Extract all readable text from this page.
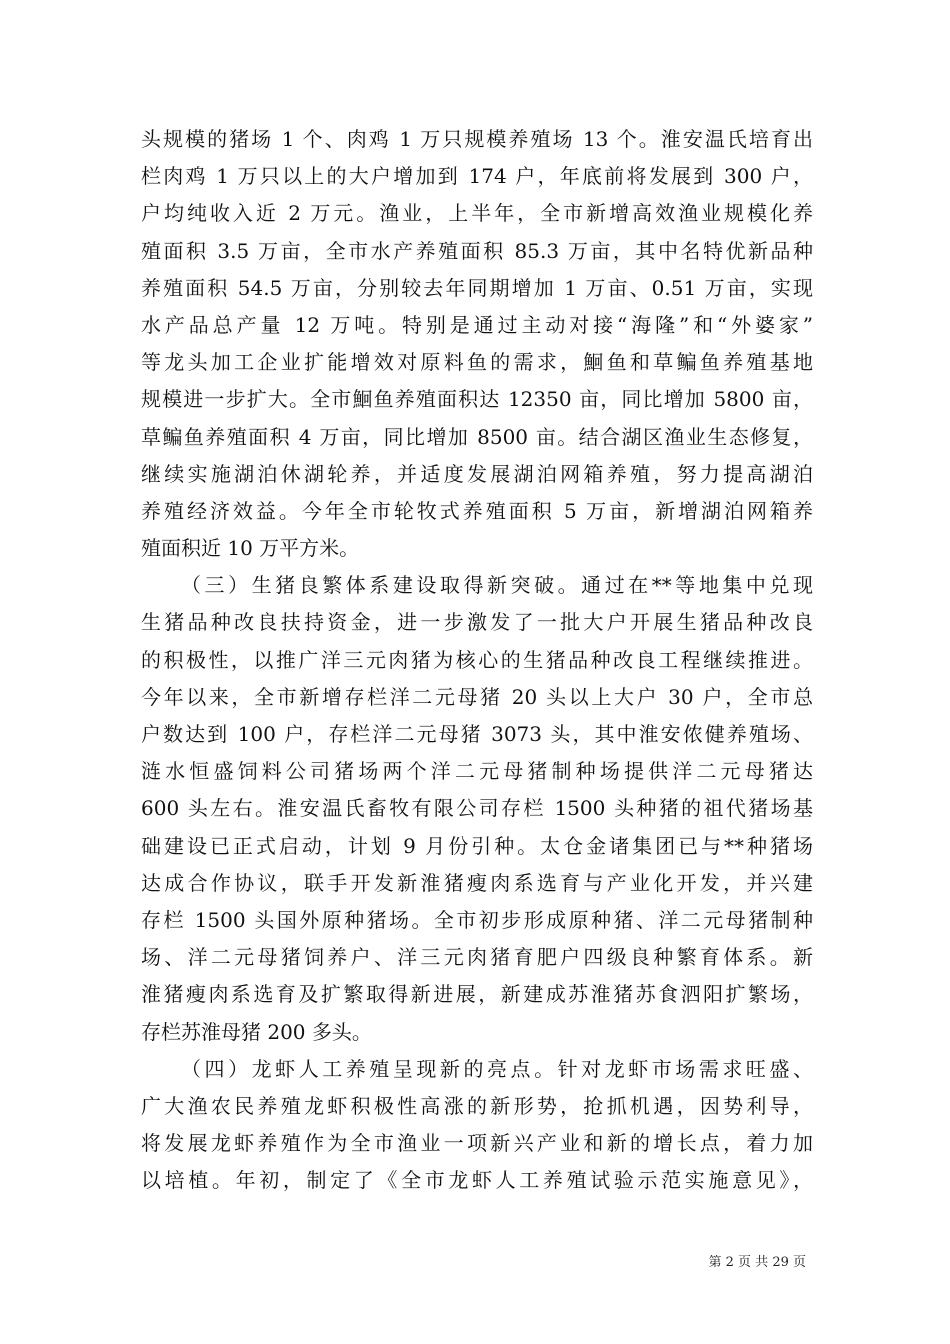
头规模的猪场 1 个、肉鸡 1 万只规模养殖场 13 个。淮安温氏培育出
栏肉鸡 1 万只以上的大户增加到 174 户，年底前将发展到 300 户，
户均纯收入近 2 万元。渔业，上半年，全市新增高效渔业规模化养
殖面积 3.5 万亩，全市水产养殖面积 85.3 万亩，其中名特优新品种
养殖面积 54.5 万亩，分别较去年同期增加 1 万亩、0.51 万亩，实现
水产品总产量 12 万吨。特别是通过主动对接“海隆”和“外婆家”
等龙头加工企业扩能增效对原料鱼的需求，鮰鱼和草鳊鱼养殖基地
规模进一步扩大。全市鮰鱼养殖面积达 12350 亩，同比增加 5800 亩，
草鳊鱼养殖面积 4 万亩，同比增加 8500 亩。结合湖区渔业生态修复，
继续实施湖泊休湖轮养，并适度发展湖泊网箱养殖，努力提高湖泊
养殖经济效益。今年全市轮牧式养殖面积 5 万亩，新增湖泊网箱养
殖面积近 10 万平方米。
（三）生猪良繁体系建设取得新突破。通过在**等地集中兑现
生猪品种改良扶持资金，进一步激发了一批大户开展生猪品种改良
的积极性，以推广洋三元肉猪为核心的生猪品种改良工程继续推进。
今年以来，全市新增存栏洋二元母猪 20 头以上大户 30 户，全市总
户数达到 100 户，存栏洋二元母猪 3073 头，其中淮安侬健养殖场、
涟水恒盛饲料公司猪场两个洋二元母猪制种场提供洋二元母猪达
600 头左右。淮安温氏畜牧有限公司存栏 1500 头种猪的祖代猪场基
础建设已正式启动，计划 9 月份引种。太仓金诸集团已与**种猪场
达成合作协议，联手开发新淮猪瘦肉系选育与产业化开发，并兴建
存栏 1500 头国外原种猪场。全市初步形成原种猪、洋二元母猪制种
场、洋二元母猪饲养户、洋三元肉猪育肥户四级良种繁育体系。新
淮猪瘦肉系选育及扩繁取得新进展，新建成苏淮猪苏食泗阳扩繁场，
存栏苏淮母猪 200 多头。
（四）龙虾人工养殖呈现新的亮点。针对龙虾市场需求旺盛、
广大渔农民养殖龙虾积极性高涨的新形势，抢抓机遇，因势利导，
将发展龙虾养殖作为全市渔业一项新兴产业和新的增长点，着力加
以培植。年初，制定了《全市龙虾人工养殖试验示范实施意见》，
第 2 页 共 29 页
